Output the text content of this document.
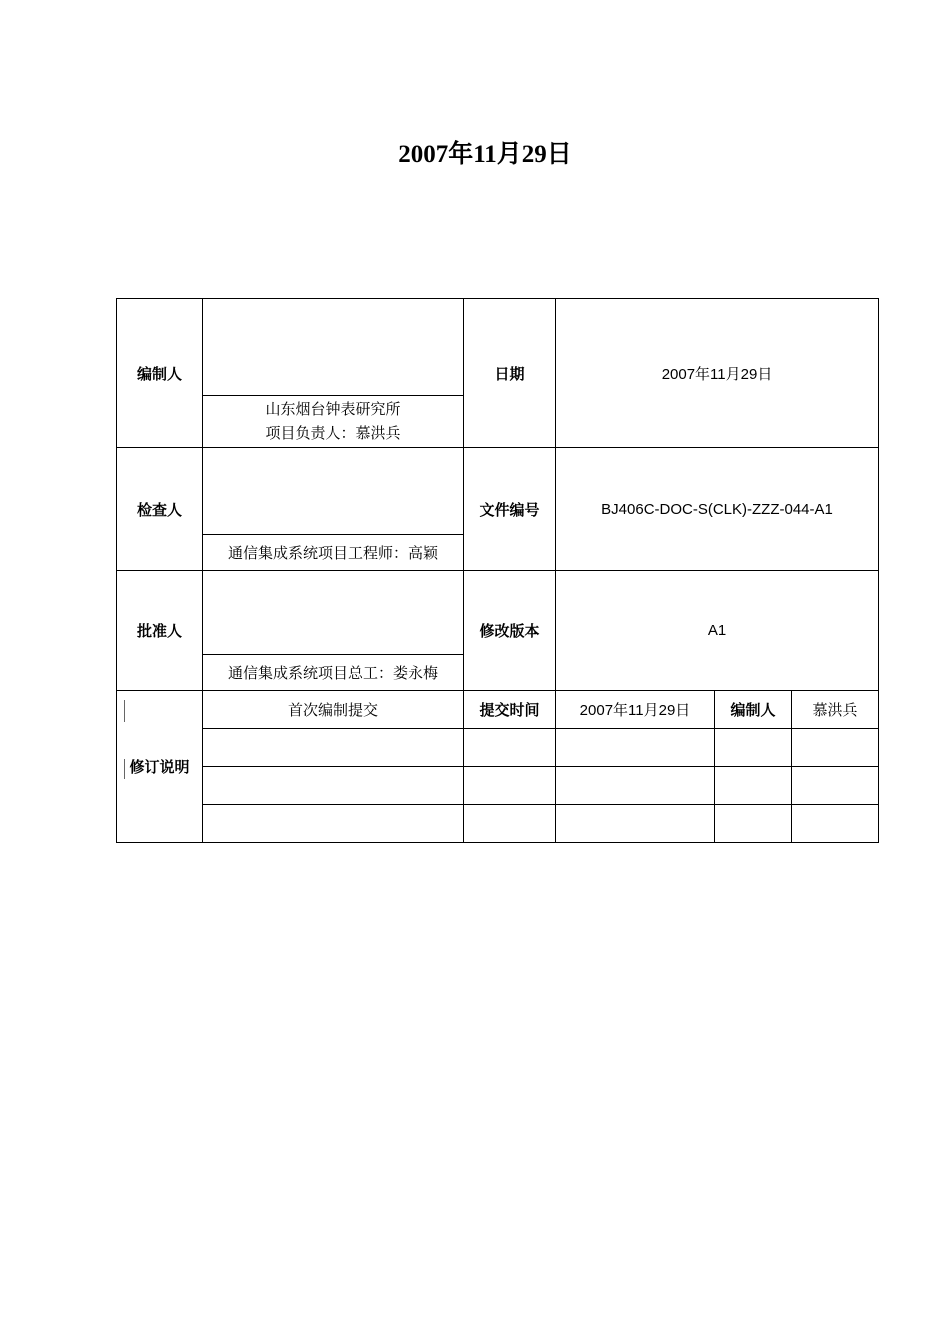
2007年11月29日
编制人		日期	2007年11月29日		

	山东烟台钟表研究所
项目负责人：慕洪兵				

检查人		文件编号	BJ406C-DOC-S(CLK)-ZZZ-044-A1		
	通信集成系统项目工程师：高颖				
批准人		修改版本	A1		
	通信集成系统项目总工：娄永梅				

修订说明	首次编制提交	提交时间	2007年11月29日	编制人	慕洪兵
